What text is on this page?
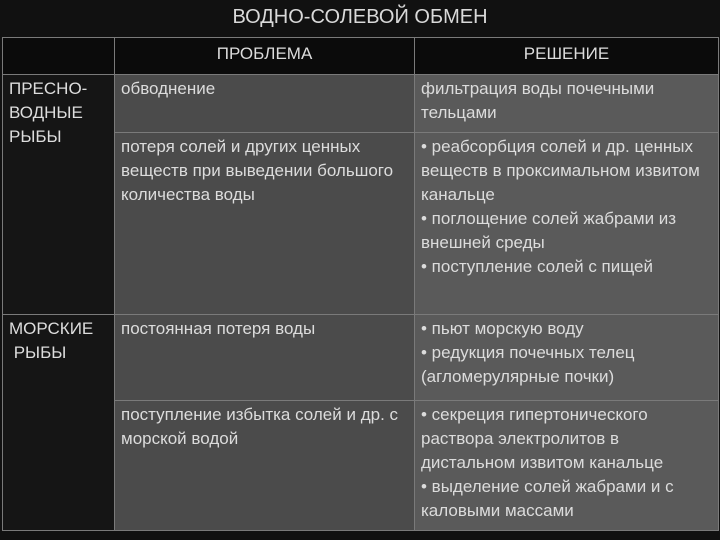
ВОДНО-СОЛЕВОЙ ОБМЕН
	ПРОБЛЕМА	РЕШЕНИЕ

ПРЕСНО-
ВОДНЫЕ
РЫБЫ	обводнение	фильтрация воды почечными тельцами

	потеря солей и других ценных веществ при выведении большого количества воды	• реабсорбция солей и др. ценных веществ в проксимальном извитом канальце
• поглощение солей жабрами из внешней среды
• поступление солей с пищей

МОРСКИЕ
РЫБЫ	постоянная потеря воды	• пьют морскую воду
• редукция почечных телец (агломерулярные почки)

	поступление избытка солей и др. с морской водой	• секреция гипертонического раствора электролитов в дистальном извитом канальце
• выделение солей жабрами и с каловыми массами
